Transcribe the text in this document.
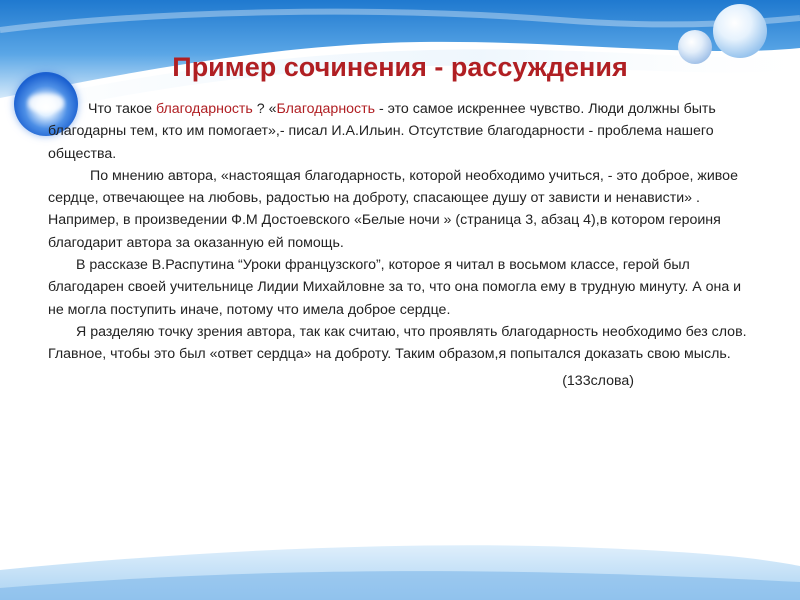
Пример сочинения - рассуждения

Что такое благодарность ? «Благодарность - это самое искреннее чувство. Люди должны быть благодарны тем, кто им помогает»,- писал И.А.Ильин. Отсутствие благодарности - проблема нашего общества.

По мнению автора, «настоящая благодарность, которой необходимо учиться, - это доброе, живое сердце, отвечающее на любовь, радостью на доброту, спасающее душу от зависти и ненависти» . Например, в произведении Ф.М Достоевского «Белые ночи » (страница 3, абзац 4),в котором героиня благодарит автора за оказанную ей помощь.

В рассказе В.Распутина “Уроки французского”, которое я читал в восьмом классе, герой был благодарен своей учительнице Лидии Михайловне за то, что она помогла ему в трудную минуту. А она и не могла поступить иначе, потому что имела доброе сердце.

Я разделяю точку зрения автора, так как считаю, что проявлять благодарность необходимо без слов. Главное, чтобы это был «ответ сердца» на доброту. Таким образом,я попытался доказать свою мысль.

(133слова)
